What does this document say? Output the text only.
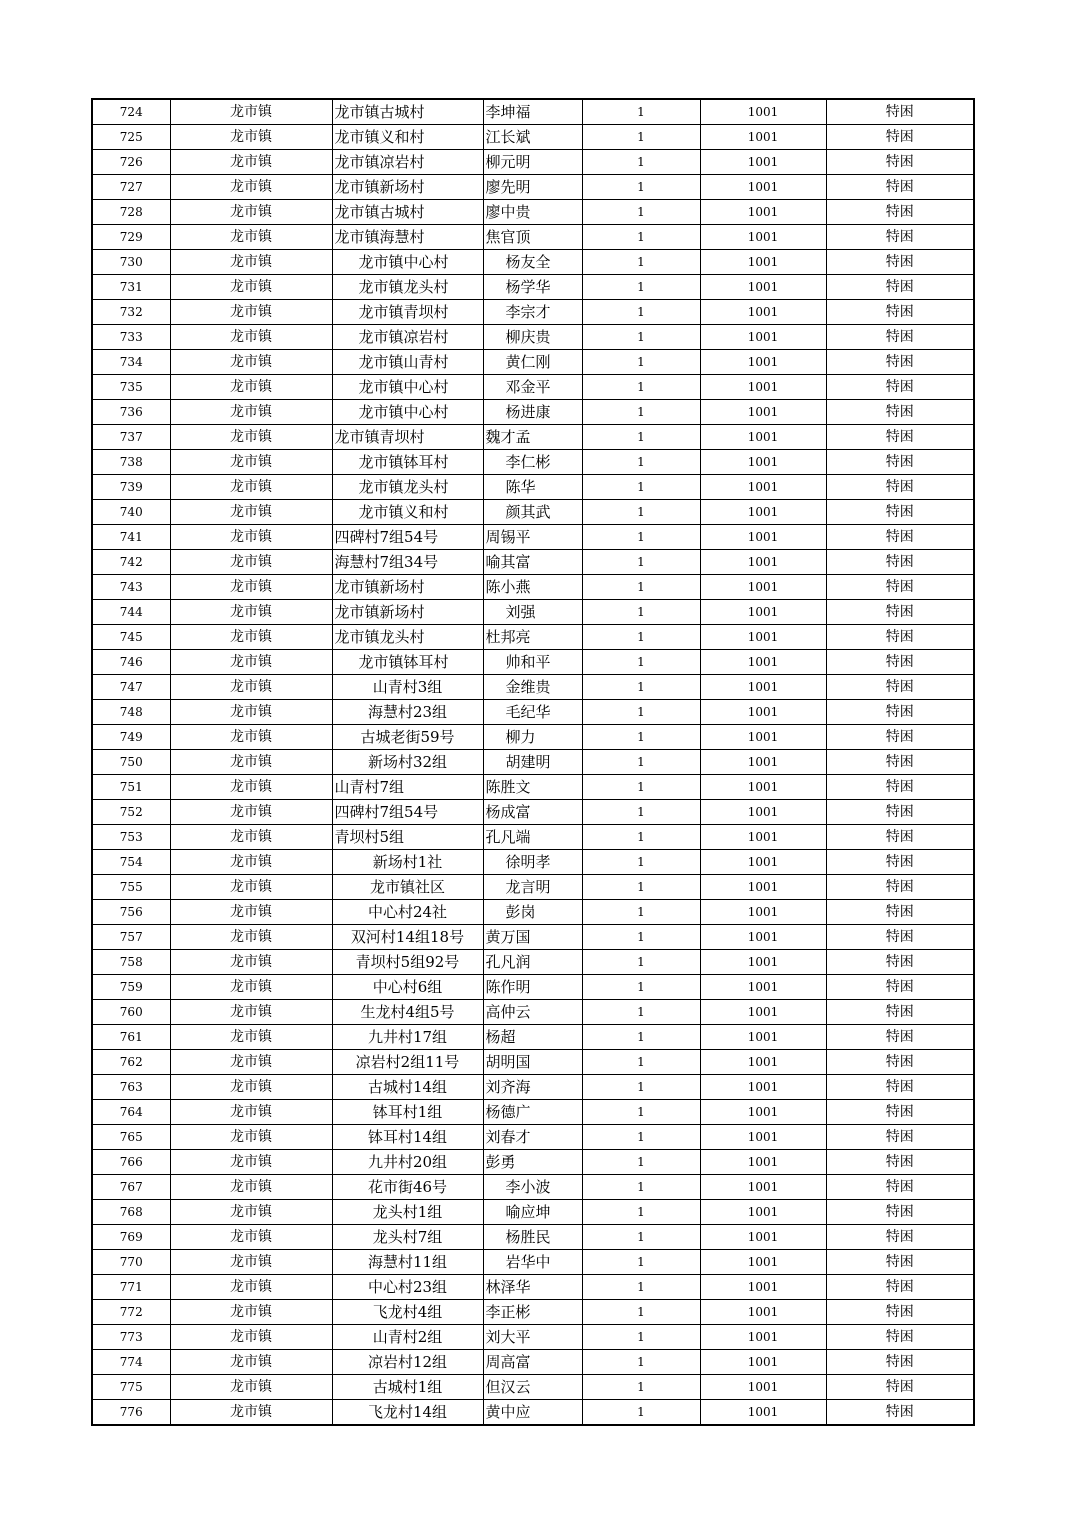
724	龙市镇	龙市镇古城村	李坤福	1	1001	特困
725	龙市镇	龙市镇义和村	江长斌	1	1001	特困
726	龙市镇	龙市镇凉岩村	柳元明	1	1001	特困
727	龙市镇	龙市镇新场村	廖先明	1	1001	特困
728	龙市镇	龙市镇古城村	廖中贵	1	1001	特困
729	龙市镇	龙市镇海慧村	焦官顶	1	1001	特困
730	龙市镇	龙市镇中心村	杨友全	1	1001	特困
731	龙市镇	龙市镇龙头村	杨学华	1	1001	特困
732	龙市镇	龙市镇青坝村	李宗才	1	1001	特困
733	龙市镇	龙市镇凉岩村	柳庆贵	1	1001	特困
734	龙市镇	龙市镇山青村	黄仁刚	1	1001	特困
735	龙市镇	龙市镇中心村	邓金平	1	1001	特困
736	龙市镇	龙市镇中心村	杨进康	1	1001	特困
737	龙市镇	龙市镇青坝村	魏才孟	1	1001	特困
738	龙市镇	龙市镇钵耳村	李仁彬	1	1001	特困
739	龙市镇	龙市镇龙头村	陈华	1	1001	特困
740	龙市镇	龙市镇义和村	颜其武	1	1001	特困
741	龙市镇	四碑村7组54号	周锡平	1	1001	特困
742	龙市镇	海慧村7组34号	喻其富	1	1001	特困
743	龙市镇	龙市镇新场村	陈小燕	1	1001	特困
744	龙市镇	龙市镇新场村	刘强	1	1001	特困
745	龙市镇	龙市镇龙头村	杜邦亮	1	1001	特困
746	龙市镇	龙市镇钵耳村	帅和平	1	1001	特困
747	龙市镇	山青村3组	金维贵	1	1001	特困
748	龙市镇	海慧村23组	毛纪华	1	1001	特困
749	龙市镇	古城老街59号	柳力	1	1001	特困
750	龙市镇	新场村32组	胡建明	1	1001	特困
751	龙市镇	山青村7组	陈胜文	1	1001	特困
752	龙市镇	四碑村7组54号	杨成富	1	1001	特困
753	龙市镇	青坝村5组	孔凡端	1	1001	特困
754	龙市镇	新场村1社	徐明孝	1	1001	特困
755	龙市镇	龙市镇社区	龙言明	1	1001	特困
756	龙市镇	中心村24社	彭岗	1	1001	特困
757	龙市镇	双河村14组18号	黄万国	1	1001	特困
758	龙市镇	青坝村5组92号	孔凡润	1	1001	特困
759	龙市镇	中心村6组	陈作明	1	1001	特困
760	龙市镇	生龙村4组5号	高仲云	1	1001	特困
761	龙市镇	九井村17组	杨超	1	1001	特困
762	龙市镇	凉岩村2组11号	胡明国	1	1001	特困
763	龙市镇	古城村14组	刘齐海	1	1001	特困
764	龙市镇	钵耳村1组	杨德广	1	1001	特困
765	龙市镇	钵耳村14组	刘春才	1	1001	特困
766	龙市镇	九井村20组	彭勇	1	1001	特困
767	龙市镇	花市街46号	李小波	1	1001	特困
768	龙市镇	龙头村1组	喻应坤	1	1001	特困
769	龙市镇	龙头村7组	杨胜民	1	1001	特困
770	龙市镇	海慧村11组	岩华中	1	1001	特困
771	龙市镇	中心村23组	林泽华	1	1001	特困
772	龙市镇	飞龙村4组	李正彬	1	1001	特困
773	龙市镇	山青村2组	刘大平	1	1001	特困
774	龙市镇	凉岩村12组	周高富	1	1001	特困
775	龙市镇	古城村1组	但汉云	1	1001	特困
776	龙市镇	飞龙村14组	黄中应	1	1001	特困
